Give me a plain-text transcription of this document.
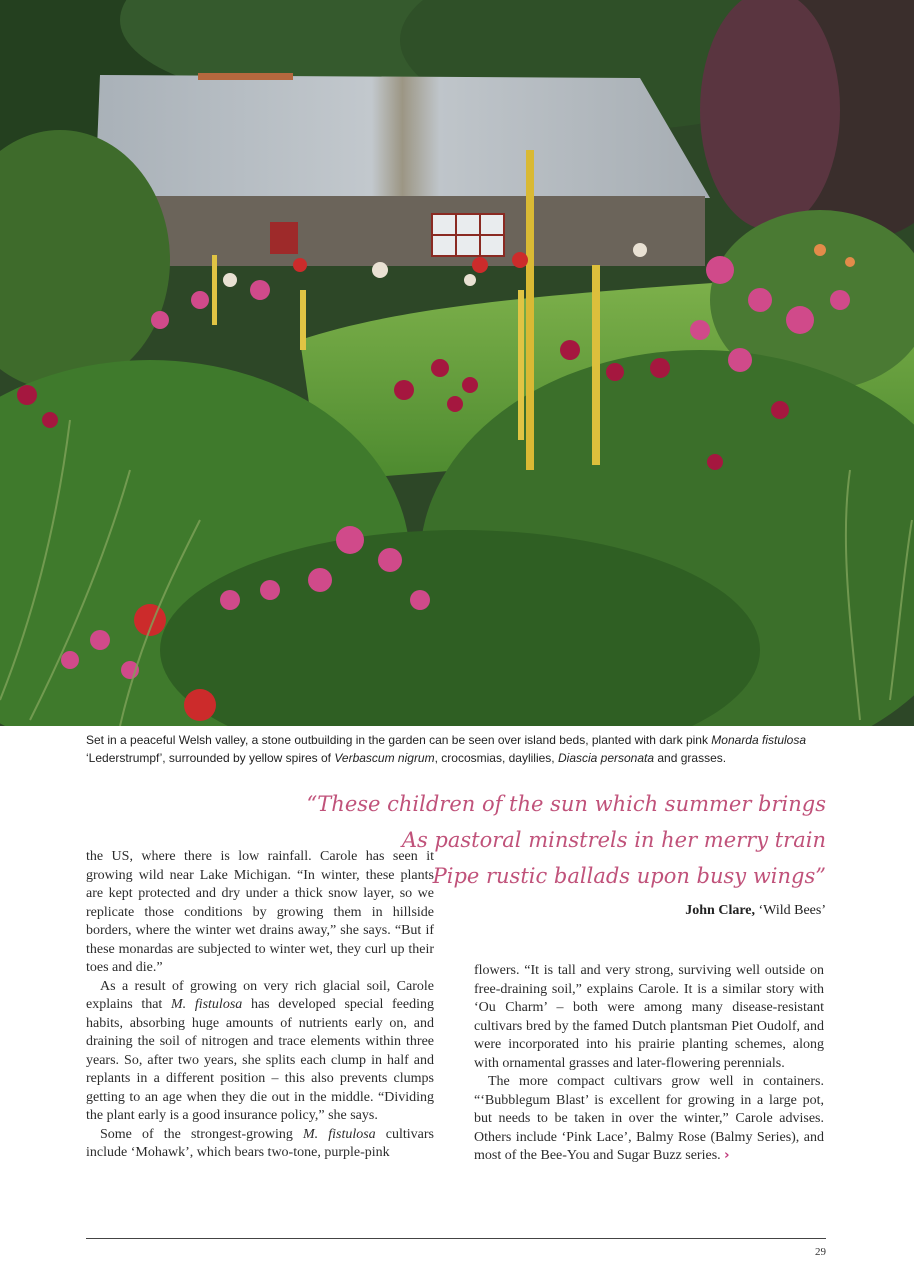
Set in a peaceful Welsh valley, a stone outbuilding in the garden can be seen over island beds, planted with dark pink Monarda fistulosa ‘Lederstrumpf’, surrounded by yellow spires of Verbascum nigrum, crocosmias, daylilies, Diascia personata and grasses.
“These children of the sun which summer brings
As pastoral minstrels in her merry train
Pipe rustic ballads upon busy wings”
John Clare, ‘Wild Bees’

the US, where there is low rainfall. Carole has seen it growing wild near Lake Michigan. “In winter, these plants are kept protected and dry under a thick snow layer, so we replicate those conditions by growing them in hillside borders, where the winter wet drains away,” she says. “But if these monardas are subjected to winter wet, they curl up their toes and die.”

As a result of growing on very rich glacial soil, Carole explains that M. fistulosa has developed special feeding habits, absorbing huge amounts of nutrients early on, and draining the soil of nitrogen and trace elements within three years. So, after two years, she splits each clump in half and replants in a different position – this also prevents clumps getting to an age when they die out in the middle. “Dividing the plant early is a good insurance policy,” she says.

Some of the strongest-growing M. fistulosa cultivars include ‘Mohawk’, which bears two-tone, purple-pink

flowers. “It is tall and very strong, surviving well outside on free-draining soil,” explains Carole. It is a similar story with ‘Ou Charm’ – both were among many disease-resistant cultivars bred by the famed Dutch plantsman Piet Oudolf, and were incorporated into his prairie planting schemes, along with ornamental grasses and later-flowering perennials.

The more compact cultivars grow well in containers. “‘Bubblegum Blast’ is excellent for growing in a large pot, but needs to be taken in over the winter,” Carole advises. Others include ‘Pink Lace’, Balmy Rose (Balmy Series), and most of the Bee-You and Sugar Buzz series. ›

29
